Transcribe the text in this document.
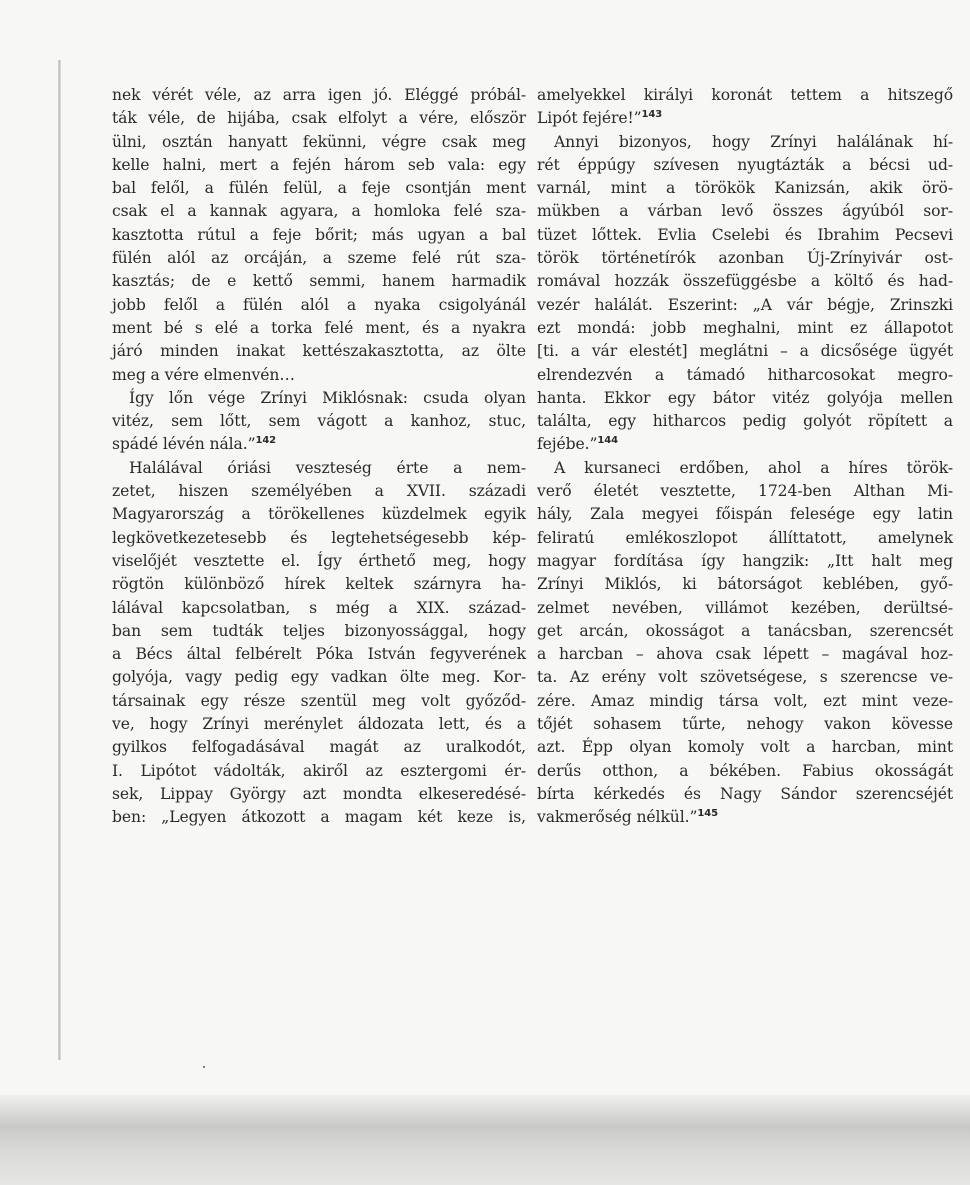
nek vérét véle, az arra igen jó. Eléggé próbál-
ták véle, de hijába, csak elfolyt a vére, először
ülni, osztán hanyatt fekünni, végre csak meg
kelle halni, mert a fején három seb vala: egy
bal felől, a fülén felül, a feje csontján ment
csak el a kannak agyara, a homloka felé sza-
kasztotta rútul a feje bőrit; más ugyan a bal
fülén alól az orcáján, a szeme felé rút sza-
kasztás; de e kettő semmi, hanem harmadik
jobb felől a fülén alól a nyaka csigolyánál
ment bé s elé a torka felé ment, és a nyakra
járó minden inakat kettészakasztotta, az ölte
meg a vére elmenvén…
Így lőn vége Zrínyi Miklósnak: csuda olyan
vitéz, sem lőtt, sem vágott a kanhoz, stuc,
spádé lévén nála.”$^{142}$
Halálával óriási veszteség érte a nem-
zetet, hiszen személyében a XVII. századi
Magyarország a törökellenes küzdelmek egyik
legkövetkezetesebb és legtehetségesebb kép-
viselőjét vesztette el. Így érthető meg, hogy
rögtön különböző hírek keltek szárnyra ha-
lálával kapcsolatban, s még a XIX. század-
ban sem tudták teljes bizonyossággal, hogy
a Bécs által felbérelt Póka István fegyverének
golyója, vagy pedig egy vadkan ölte meg. Kor-
társainak egy része szentül meg volt győződ-
ve, hogy Zrínyi merénylet áldozata lett, és a
gyilkos felfogadásával magát az uralkodót,
I. Lipótot vádolták, akiről az esztergomi ér-
sek, Lippay György azt mondta elkeseredésé-
ben: „Legyen átkozott a magam két keze is,
amelyekkel királyi koronát tettem a hitszegő
Lipót fejére!”$^{143}$
Annyi bizonyos, hogy Zrínyi halálának hí-
rét éppúgy szívesen nyugtázták a bécsi ud-
varnál, mint a törökök Kanizsán, akik örö-
mükben a várban levő összes ágyúból sor-
tüzet lőttek. Evlia Cselebi és Ibrahim Pecsevi
török történetírók azonban Új-Zrínyivár ost-
romával hozzák összefüggésbe a költő és had-
vezér halálát. Eszerint: „A vár bégje, Zrinszki
ezt mondá: jobb meghalni, mint ez állapotot
[ti. a vár elestét] meglátni – a dicsősége ügyét
elrendezvén a támadó hitharcosokat megro-
hanta. Ekkor egy bátor vitéz golyója mellen
találta, egy hitharcos pedig golyót röpített a
fejébe.”$^{144}$
A kursaneci erdőben, ahol a híres török-
verő életét vesztette, 1724-ben Althan Mi-
hály, Zala megyei főispán felesége egy latin
feliratú emlékoszlopot állíttatott, amelynek
magyar fordítása így hangzik: „Itt halt meg
Zrínyi Miklós, ki bátorságot keblében, győ-
zelmet nevében, villámot kezében, derültsé-
get arcán, okosságot a tanácsban, szerencsét
a harcban – ahova csak lépett – magával hoz-
ta. Az erény volt szövetségese, s szerencse ve-
zére. Amaz mindig társa volt, ezt mint veze-
tőjét sohasem tűrte, nehogy vakon kövesse
azt. Épp olyan komoly volt a harcban, mint
derűs otthon, a békében. Fabius okosságát
bírta kérkedés és Nagy Sándor szerencséjét
vakmerőség nélkül.”$^{145}$
